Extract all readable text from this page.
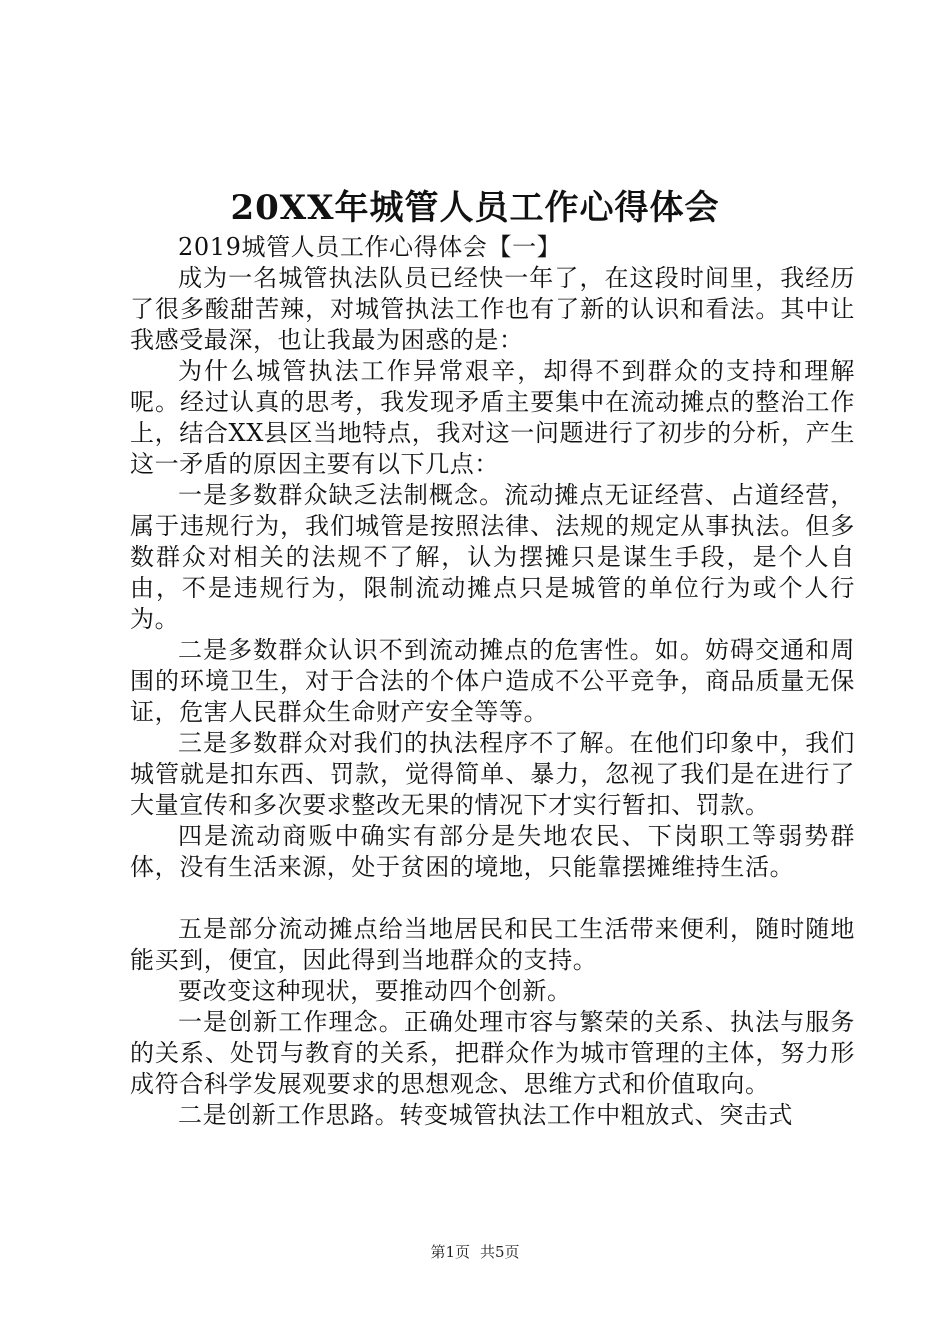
20XX年城管人员工作心得体会

2019城管人员工作心得体会【一】

成为一名城管执法队员已经快一年了，在这段时间里，我经历了很多酸甜苦辣，对城管执法工作也有了新的认识和看法。其中让我感受最深，也让我最为困惑的是：

为什么城管执法工作异常艰辛，却得不到群众的支持和理解呢。经过认真的思考，我发现矛盾主要集中在流动摊点的整治工作上，结合XX县区当地特点，我对这一问题进行了初步的分析，产生这一矛盾的原因主要有以下几点：

一是多数群众缺乏法制概念。流动摊点无证经营、占道经营，属于违规行为，我们城管是按照法律、法规的规定从事执法。但多数群众对相关的法规不了解，认为摆摊只是谋生手段，是个人自由，不是违规行为，限制流动摊点只是城管的单位行为或个人行为。

二是多数群众认识不到流动摊点的危害性。如。妨碍交通和周围的环境卫生，对于合法的个体户造成不公平竞争，商品质量无保证，危害人民群众生命财产安全等等。

三是多数群众对我们的执法程序不了解。在他们印象中，我们城管就是扣东西、罚款，觉得简单、暴力，忽视了我们是在进行了大量宣传和多次要求整改无果的情况下才实行暂扣、罚款。

四是流动商贩中确实有部分是失地农民、下岗职工等弱势群体，没有生活来源，处于贫困的境地，只能靠摆摊维持生活。

五是部分流动摊点给当地居民和民工生活带来便利，随时随地能买到，便宜，因此得到当地群众的支持。

要改变这种现状，要推动四个创新。

一是创新工作理念。正确处理市容与繁荣的关系、执法与服务的关系、处罚与教育的关系，把群众作为城市管理的主体，努力形成符合科学发展观要求的思想观念、思维方式和价值取向。

二是创新工作思路。转变城管执法工作中粗放式、突击式

第1页 共5页
